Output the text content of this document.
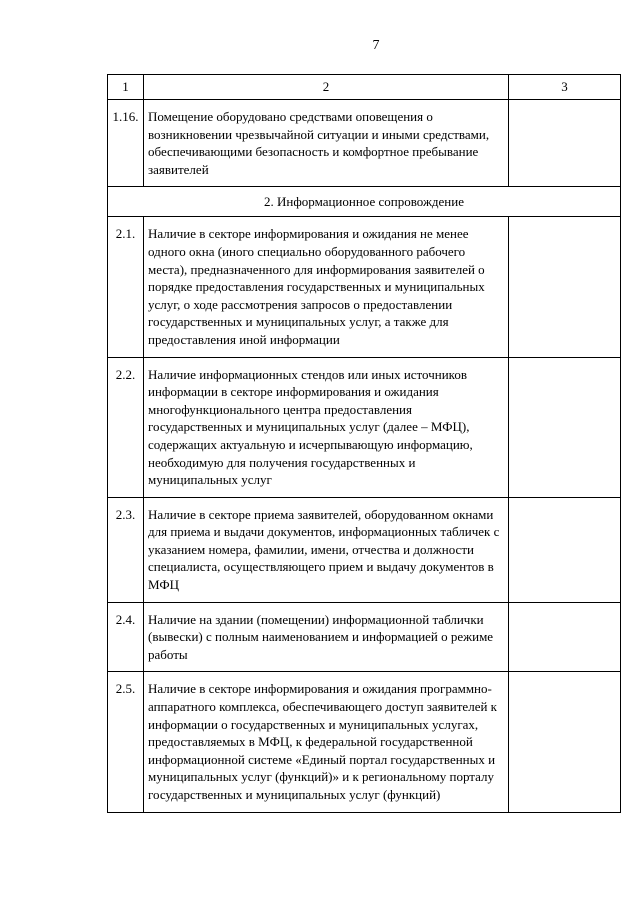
7
1	2	3
1.16.	Помещение оборудовано средствами оповещения о возникновении чрезвычайной ситуации и иными средствами, обеспечивающими безопасность и комфортное пребывание заявителей	
2. Информационное сопровождение		
2.1.	Наличие в секторе информирования и ожидания не менее одного окна (иного специально оборудованного рабочего места), предназначенного для информирования заявителей о порядке предоставления государственных и муниципальных услуг, о ходе рассмотрения запросов о предоставлении государственных и муниципальных услуг, а также для предоставления иной информации	
2.2.	Наличие информационных стендов или иных источников информации в секторе информирования и ожидания многофункционального центра предоставления государственных и муниципальных услуг (далее – МФЦ), содержащих актуальную и исчерпывающую информацию, необходимую для получения государственных и муниципальных услуг	
2.3.	Наличие в секторе приема заявителей, оборудованном окнами для приема и выдачи документов, информационных табличек с указанием номера, фамилии, имени, отчества и должности специалиста, осуществляющего прием и выдачу документов в МФЦ	
2.4.	Наличие на здании (помещении) информационной таблички (вывески) с полным наименованием и информацией о режиме работы	
2.5.	Наличие в секторе информирования и ожидания программно-аппаратного комплекса, обеспечивающего доступ заявителей к информации о государственных и муниципальных услугах, предоставляемых в МФЦ, к федеральной государственной информационной системе «Единый портал государственных и муниципальных услуг (функций)» и к региональному порталу государственных и муниципальных услуг (функций)	
